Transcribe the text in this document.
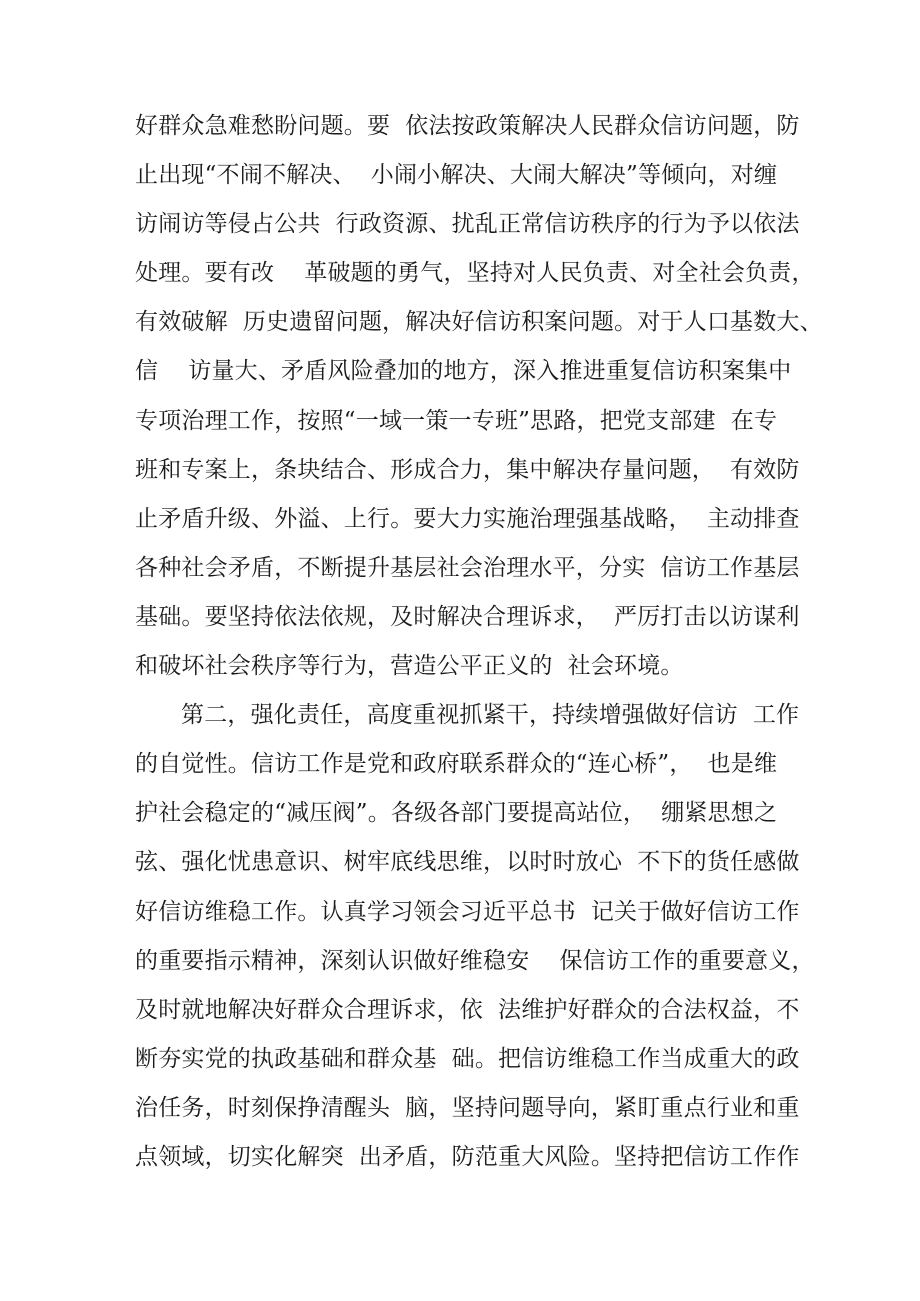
好群众急难愁盼问题。要  依法按政策解决人民群众信访问题，防
止出现“不闹不解决、  小闹小解决、大闹大解决”等倾向，对缠
访闹访等侵占公共  行政资源、扰乱正常信访秩序的行为予以依法
处理。要有改    革破题的勇气，坚持对人民负责、对全社会负责，
有效破解  历史遗留问题，解决好信访积案问题。对于人口基数大、
信    访量大、矛盾风险叠加的地方，深入推进重复信访积案集中
专项治理工作，按照“一域一策一专班”思路，把党支部建  在专
班和专案上，条块结合、形成合力，集中解决存量问题，  有效防
止矛盾升级、外溢、上行。要大力实施治理强基战略，  主动排查
各种社会矛盾，不断提升基层社会治理水平，分实  信访工作基层
基础。要坚持依法依规，及时解决合理诉求，  严厉打击以访谋利
和破坏社会秩序等行为，营造公平正义的  社会环境。
第二，强化责任，高度重视抓紧干，持续增强做好信访  工作
的自觉性。信访工作是党和政府联系群众的“连心桥”，  也是维
护社会稳定的“减压阀”。各级各部门要提高站位，  绷紧思想之
弦、强化忧患意识、树牢底线思维，以时时放心  不下的货任感做
好信访维稳工作。认真学习领会习近平总书  记关于做好信访工作
的重要指示精神，深刻认识做好维稳安    保信访工作的重要意义，
及时就地解决好群众合理诉求，依  法维护好群众的合法权益，不
断夯实党的执政基础和群众基  础。把信访维稳工作当成重大的政
治任务，时刻保挣清醒头  脑，坚持问题导向，紧盯重点行业和重
点领域，切实化解突  出矛盾，防范重大风险。坚持把信访工作作
